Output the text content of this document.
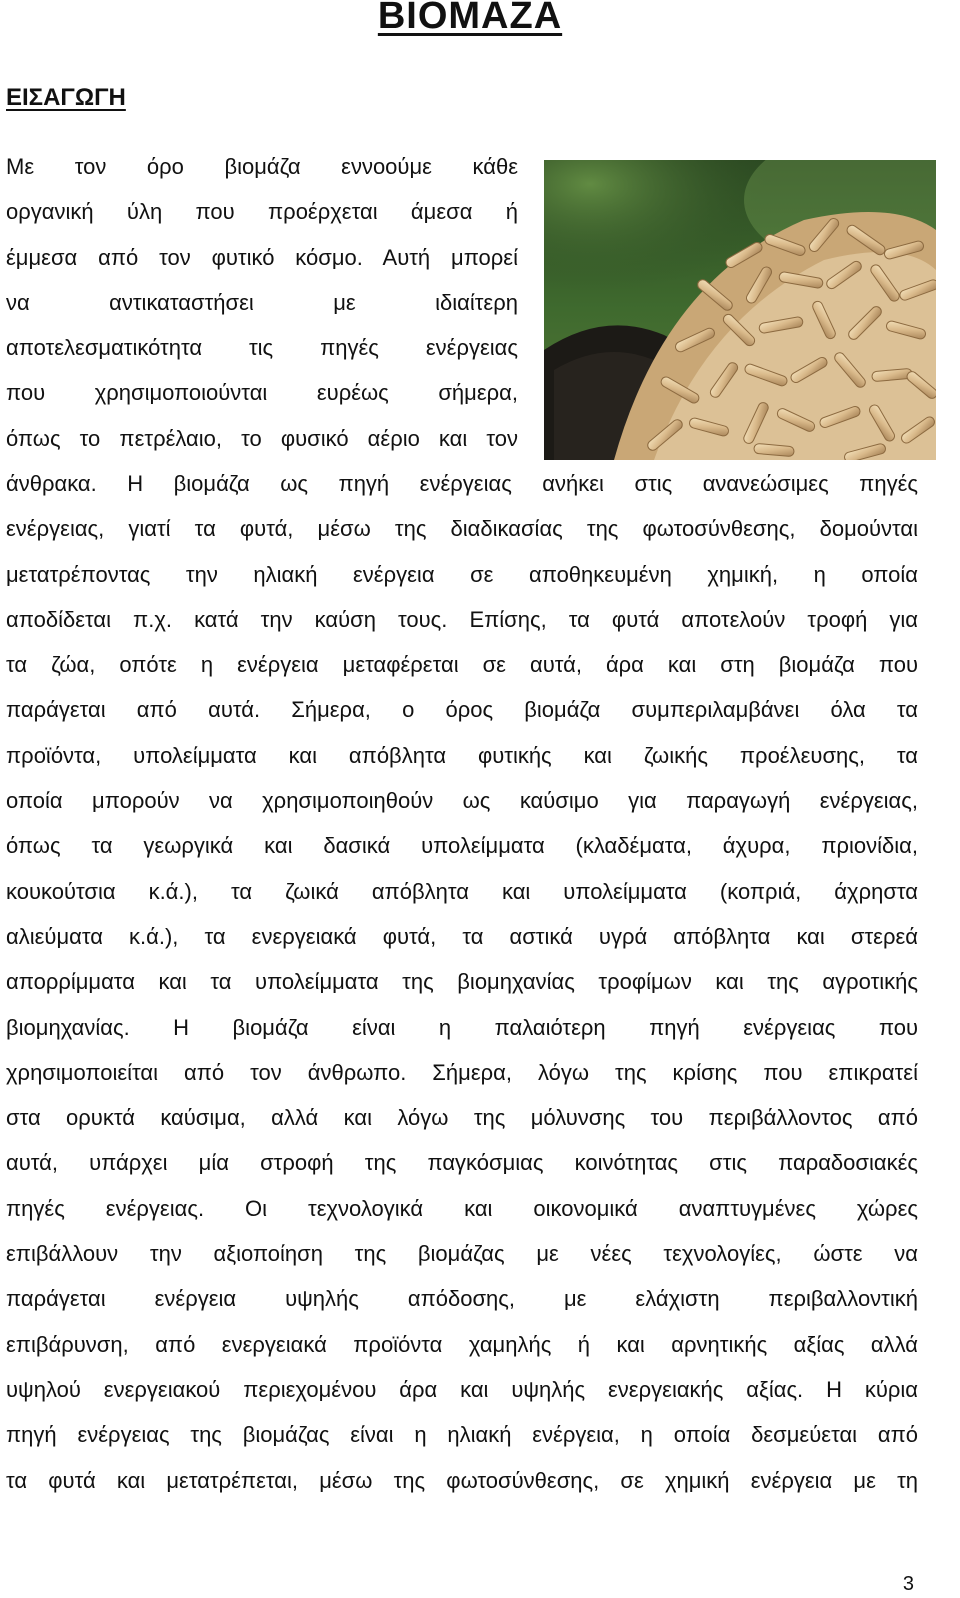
ΒΙΟΜΑΖΑ
ΕΙΣΑΓΩΓΗ
Με τον όρο βιομάζα εννοούμε κάθε
οργανική ύλη που προέρχεται άμεσα ή
έμμεσα από τον φυτικό κόσμο. Αυτή μπορεί
να αντικαταστήσει με ιδιαίτερη
αποτελεσματικότητα τις πηγές ενέργειας
που χρησιμοποιούνται ευρέως σήμερα,
όπως το πετρέλαιο, το φυσικό αέριο και τον
άνθρακα. Η βιομάζα ως πηγή ενέργειας ανήκει στις ανανεώσιμες πηγές
ενέργειας, γιατί τα φυτά, μέσω της διαδικασίας της φωτοσύνθεσης, δομούνται
μετατρέποντας την ηλιακή ενέργεια σε αποθηκευμένη χημική, η οποία
αποδίδεται π.χ. κατά την καύση τους. Επίσης, τα φυτά αποτελούν τροφή για
τα ζώα, οπότε η ενέργεια μεταφέρεται σε αυτά, άρα και στη βιομάζα που
παράγεται από αυτά. Σήμερα, ο όρος βιομάζα συμπεριλαμβάνει όλα τα
προϊόντα, υπολείμματα και απόβλητα φυτικής και ζωικής προέλευσης, τα
οποία μπορούν να χρησιμοποιηθούν ως καύσιμο για παραγωγή ενέργειας,
όπως τα γεωργικά και δασικά υπολείμματα (κλαδέματα, άχυρα, πριονίδια,
κουκούτσια κ.ά.), τα ζωικά απόβλητα και υπολείμματα (κοπριά, άχρηστα
αλιεύματα κ.ά.), τα ενεργειακά φυτά, τα αστικά υγρά απόβλητα και στερεά
απορρίμματα και τα υπολείμματα της βιομηχανίας τροφίμων και της αγροτικής
βιομηχανίας. Η βιομάζα είναι η παλαιότερη πηγή ενέργειας που
χρησιμοποιείται από τον άνθρωπο. Σήμερα, λόγω της κρίσης που επικρατεί
στα ορυκτά καύσιμα, αλλά και λόγω της μόλυνσης του περιβάλλοντος από
αυτά, υπάρχει μία στροφή της παγκόσμιας κοινότητας στις παραδοσιακές
πηγές ενέργειας. Οι τεχνολογικά και οικονομικά αναπτυγμένες χώρες
επιβάλλουν την αξιοποίηση της βιομάζας με νέες τεχνολογίες, ώστε να
παράγεται ενέργεια υψηλής απόδοσης, με ελάχιστη περιβαλλοντική
επιβάρυνση, από ενεργειακά προϊόντα χαμηλής ή και αρνητικής αξίας αλλά
υψηλού ενεργειακού περιεχομένου άρα και υψηλής ενεργειακής αξίας. Η κύρια
πηγή ενέργειας της βιομάζας είναι η ηλιακή ενέργεια, η οποία δεσμεύεται από
τα φυτά και μετατρέπεται, μέσω της φωτοσύνθεσης, σε χημική ενέργεια με τη
3
